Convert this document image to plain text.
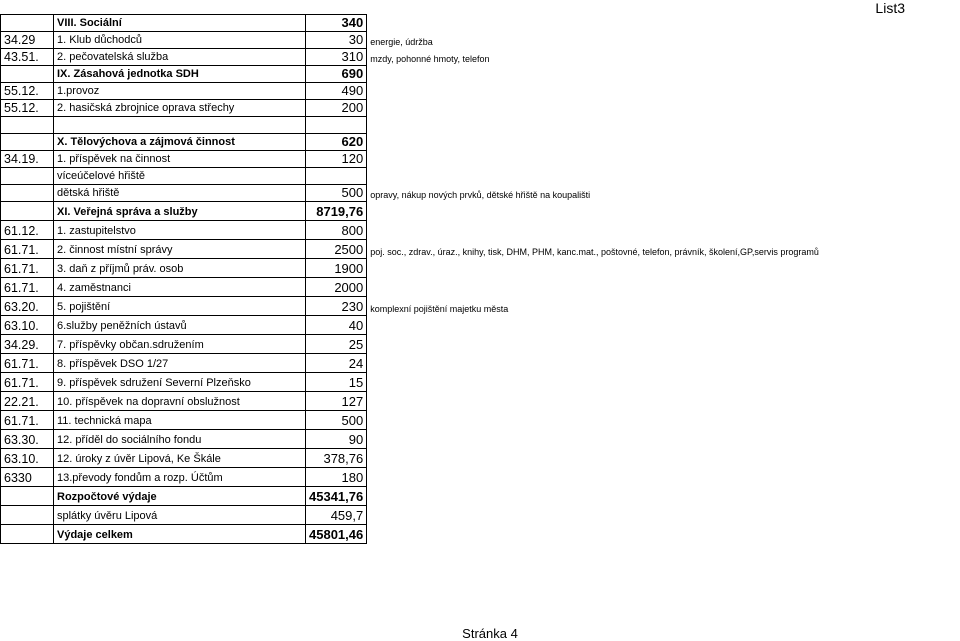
List3
	VIII. Sociální	340	
34.29	1. Klub důchodců	30	energie, údržba
43.51.	2. pečovatelská služba	310	mzdy, pohonné hmoty, telefon
	IX. Zásahová jednotka SDH	690	
55.12.	1.provoz	490	
55.12.	2. hasičská zbrojnice oprava střechy	200	

	X. Tělovýchova a zájmová činnost	620	
34.19.	1. příspěvek na činnost	120	
	víceúčelové hřiště		
	dětská hřiště	500	opravy, nákup nových prvků, dětské hřiště na koupališti
	XI. Veřejná správa a služby	8719,76	
61.12.	1. zastupitelstvo	800	
61.71.	2. činnost místní správy	2500	poj. soc., zdrav., úraz., knihy, tisk, DHM, PHM, kanc.mat., poštovné, telefon, právník, školení,GP,servis programů
61.71.	3. daň z příjmů práv. osob	1900	
61.71.	4. zaměstnanci	2000	
63.20.	5. pojištění	230	komplexní pojištění majetku města
63.10.	6.služby peněžních ústavů	40	
34.29.	7. příspěvky občan.sdružením	25	
61.71.	8. příspěvek DSO 1/27	24	
61.71.	9. příspěvek sdružení Severní Plzeňsko	15	
22.21.	10. příspěvek na dopravní obslužnost	127	
61.71.	11. technická mapa	500	
63.30.	12. příděl do sociálního fondu	90	
63.10.	12. úroky z úvěr Lipová, Ke Škále	378,76	
6330	13.převody fondům a rozp. Účtům	180	
	Rozpočtové výdaje	45341,76	
	splátky úvěru Lipová	459,7	
	Výdaje celkem	45801,46	
Stránka 4
